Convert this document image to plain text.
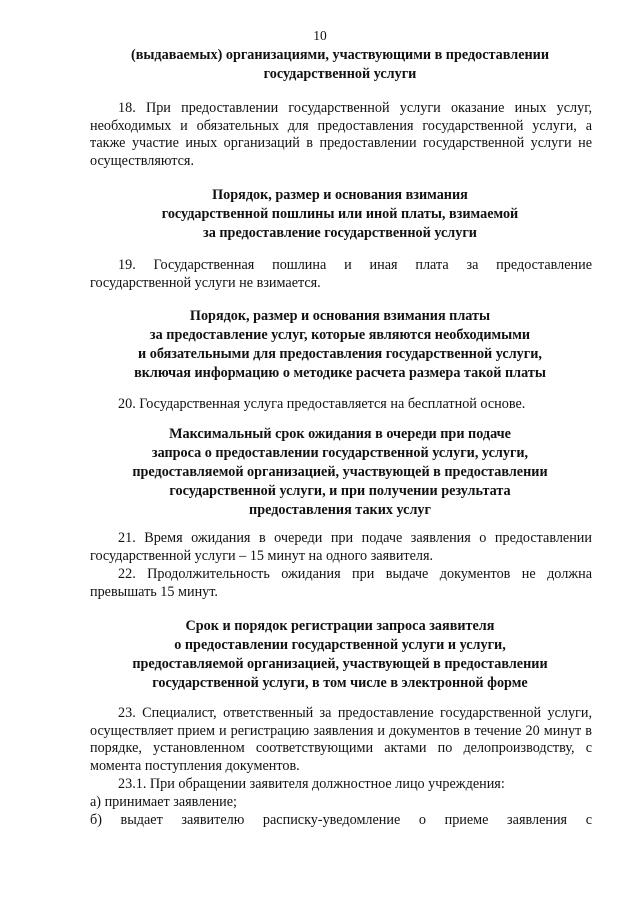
10
(выдаваемых) организациями, участвующими в предоставлении
государственной услуги
18. При предоставлении государственной услуги оказание иных услуг, необходимых и обязательных для предоставления государственной услуги, а также участие иных организаций в предоставлении государственной услуги не осуществляются.
Порядок, размер и основания взимания
государственной пошлины или иной платы, взимаемой
за предоставление государственной услуги
19. Государственная пошлина и иная плата за предоставление государственной услуги не взимается.
Порядок, размер и основания взимания платы
за предоставление услуг, которые являются необходимыми
и обязательными для предоставления государственной услуги,
включая информацию о методике расчета размера такой платы
20. Государственная услуга предоставляется на бесплатной основе.
Максимальный срок ожидания в очереди при подаче
запроса о предоставлении государственной услуги, услуги,
предоставляемой организацией, участвующей в предоставлении
государственной услуги, и при получении результата
предоставления таких услуг
21. Время ожидания в очереди при подаче заявления о предоставлении государственной услуги – 15 минут на одного заявителя.
22. Продолжительность ожидания при выдаче документов не должна превышать 15 минут.
Срок и порядок регистрации запроса заявителя
о предоставлении государственной услуги и услуги,
предоставляемой организацией, участвующей в предоставлении
государственной услуги, в том числе в электронной форме
23. Специалист, ответственный за предоставление государственной услуги, осуществляет прием и регистрацию заявления и документов в течение 20 минут в порядке, установленном соответствующими актами по делопроизводству, с момента поступления документов.
23.1. При обращении заявителя должностное лицо учреждения:
а) принимает заявление;
б) выдает заявителю расписку-уведомление о приеме заявления с
